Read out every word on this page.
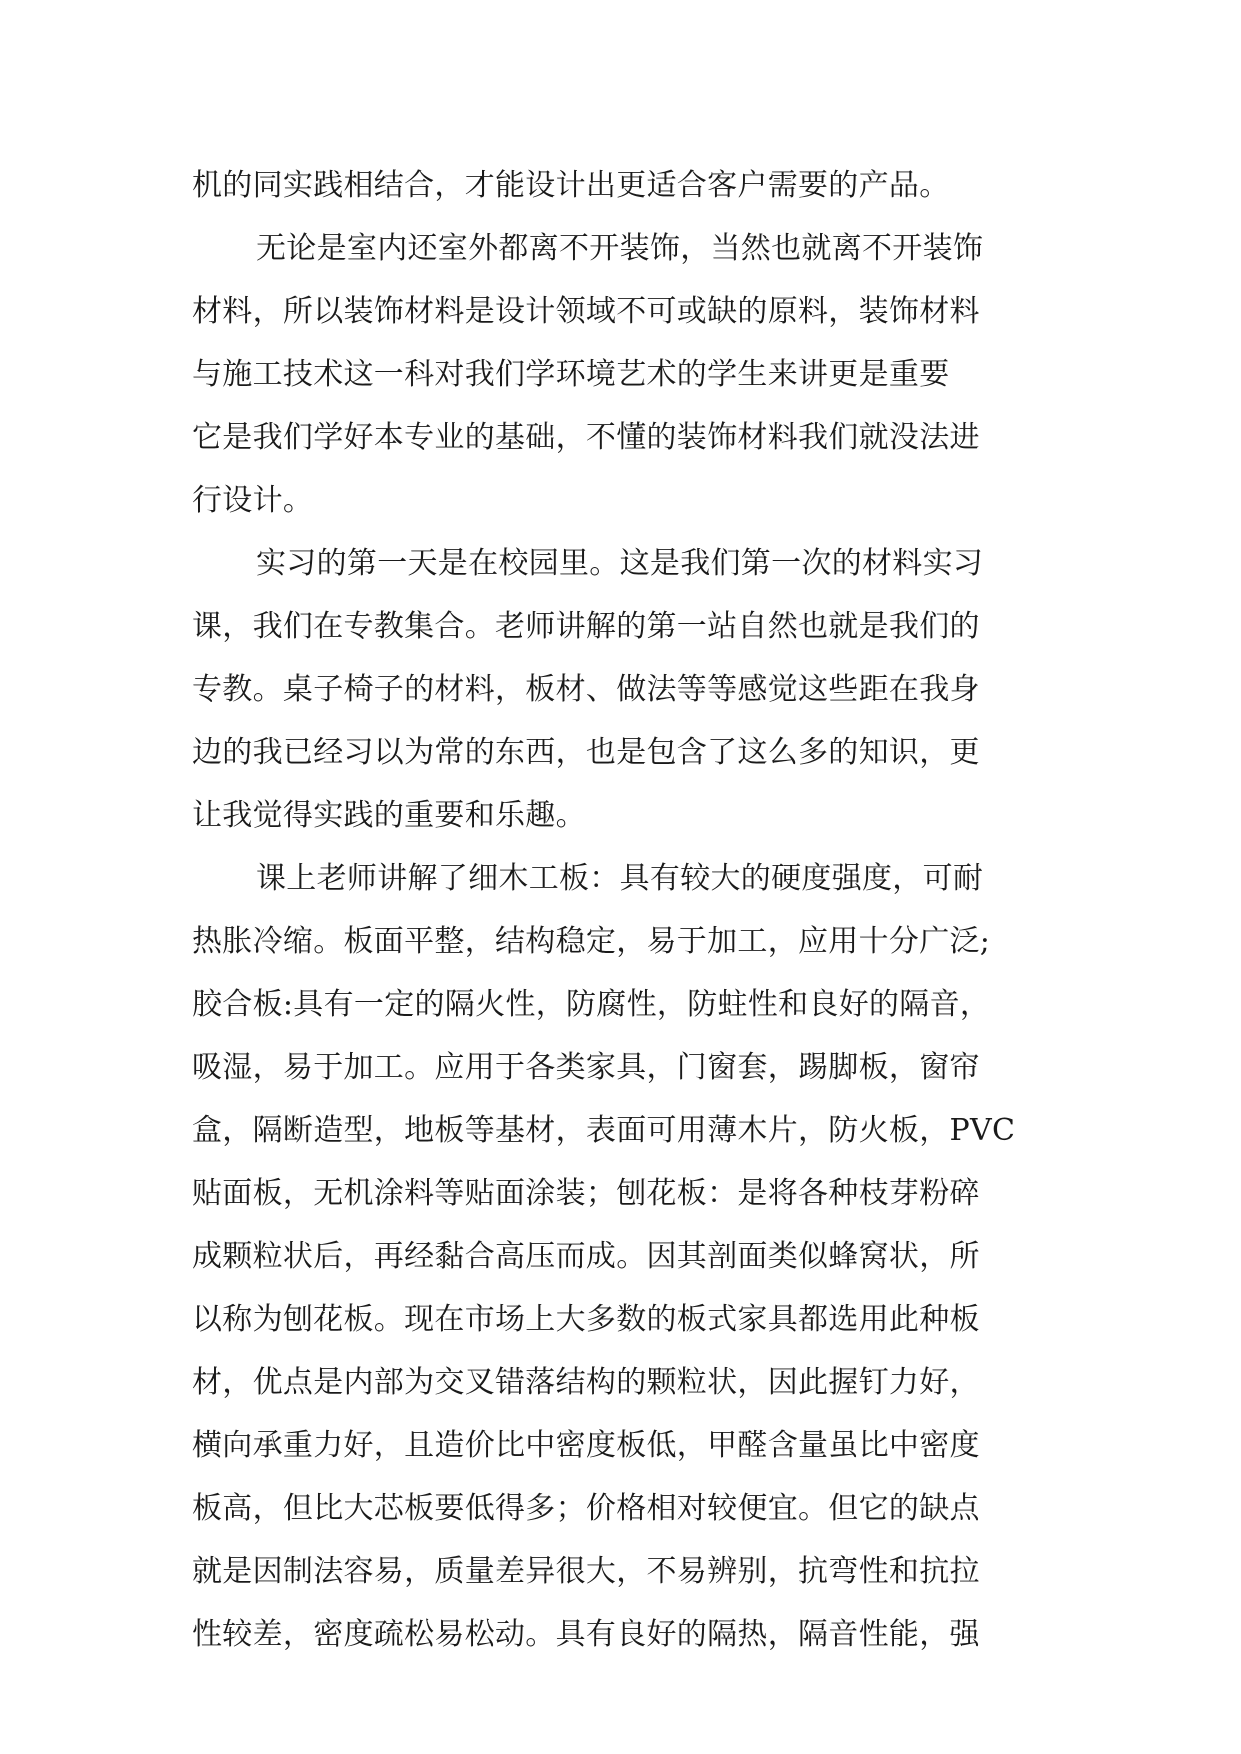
机的同实践相结合，才能设计出更适合客户需要的产品。
无论是室内还室外都离不开装饰，当然也就离不开装饰
材料，所以装饰材料是设计领域不可或缺的原料，装饰材料
与施工技术这一科对我们学环境艺术的学生来讲更是重要
它是我们学好本专业的基础，不懂的装饰材料我们就没法进
行设计。
实习的第一天是在校园里。这是我们第一次的材料实习
课，我们在专教集合。老师讲解的第一站自然也就是我们的
专教。桌子椅子的材料，板材、做法等等感觉这些距在我身
边的我已经习以为常的东西，也是包含了这么多的知识，更
让我觉得实践的重要和乐趣。
课上老师讲解了细木工板：具有较大的硬度强度，可耐
热胀冷缩。板面平整，结构稳定，易于加工，应用十分广泛;
胶合板:具有一定的隔火性，防腐性，防蛀性和良好的隔音，
吸湿，易于加工。应用于各类家具，门窗套，踢脚板，窗帘
盒，隔断造型，地板等基材，表面可用薄木片，防火板，PVC
贴面板，无机涂料等贴面涂装；刨花板：是将各种枝芽粉碎
成颗粒状后，再经黏合高压而成。因其剖面类似蜂窝状，所
以称为刨花板。现在市场上大多数的板式家具都选用此种板
材，优点是内部为交叉错落结构的颗粒状，因此握钉力好，
横向承重力好，且造价比中密度板低，甲醛含量虽比中密度
板高，但比大芯板要低得多；价格相对较便宜。但它的缺点
就是因制法容易，质量差异很大，不易辨别，抗弯性和抗拉
性较差，密度疏松易松动。具有良好的隔热，隔音性能，强
